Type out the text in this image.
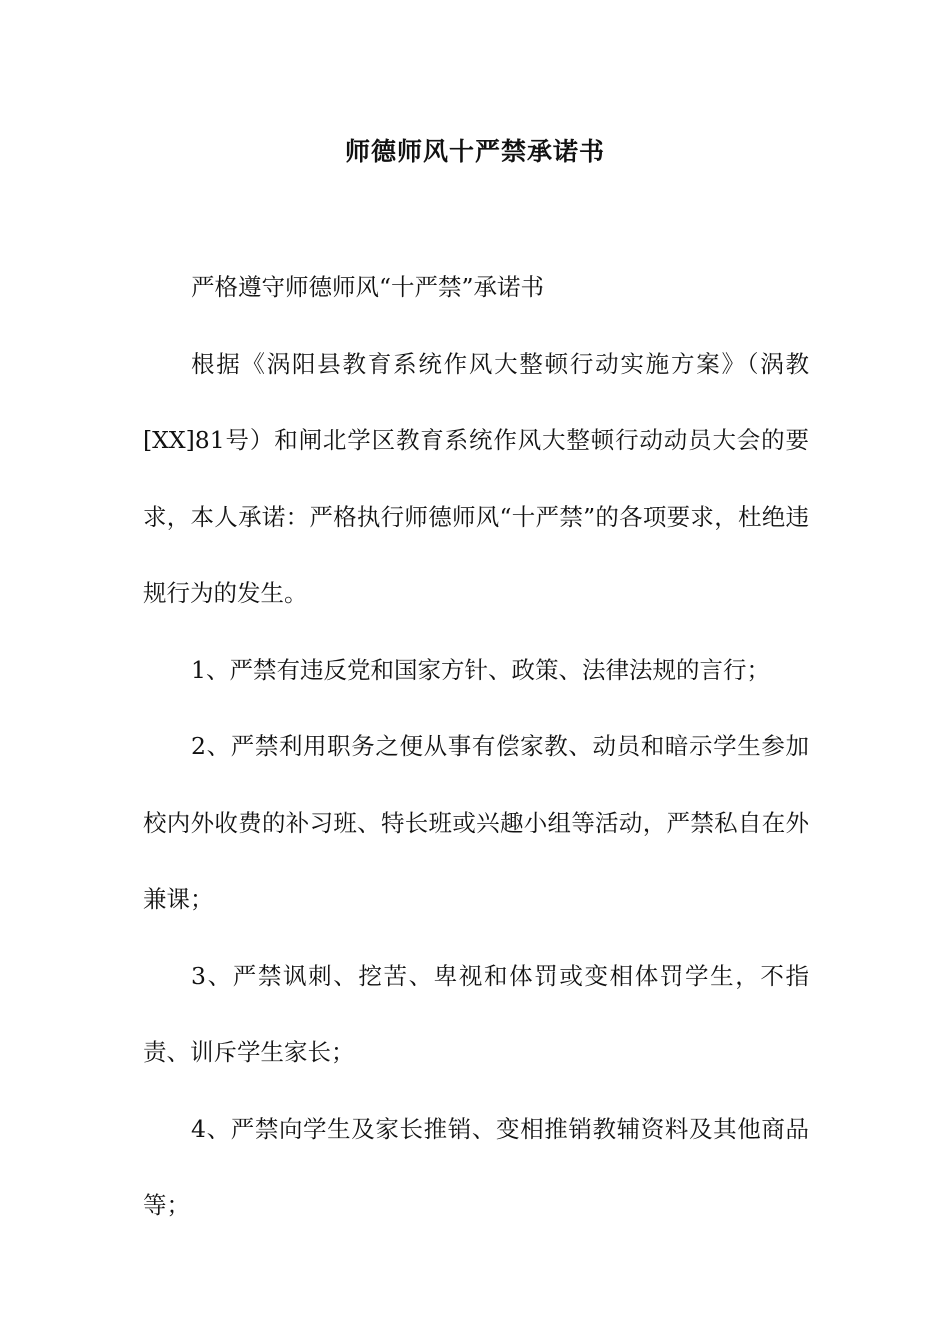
师德师风十严禁承诺书

严格遵守师德师风“十严禁”承诺书

根据《涡阳县教育系统作风大整顿行动实施方案》（涡教[XX]81号）和闸北学区教育系统作风大整顿行动动员大会的要求，本人承诺：严格执行师德师风“十严禁”的各项要求，杜绝违规行为的发生。

1、严禁有违反党和国家方针、政策、法律法规的言行；

2、严禁利用职务之便从事有偿家教、动员和暗示学生参加校内外收费的补习班、特长班或兴趣小组等活动，严禁私自在外兼课；

3、严禁讽刺、挖苦、卑视和体罚或变相体罚学生，不指责、训斥学生家长；

4、严禁向学生及家长推销、变相推销教辅资料及其他商品等；
